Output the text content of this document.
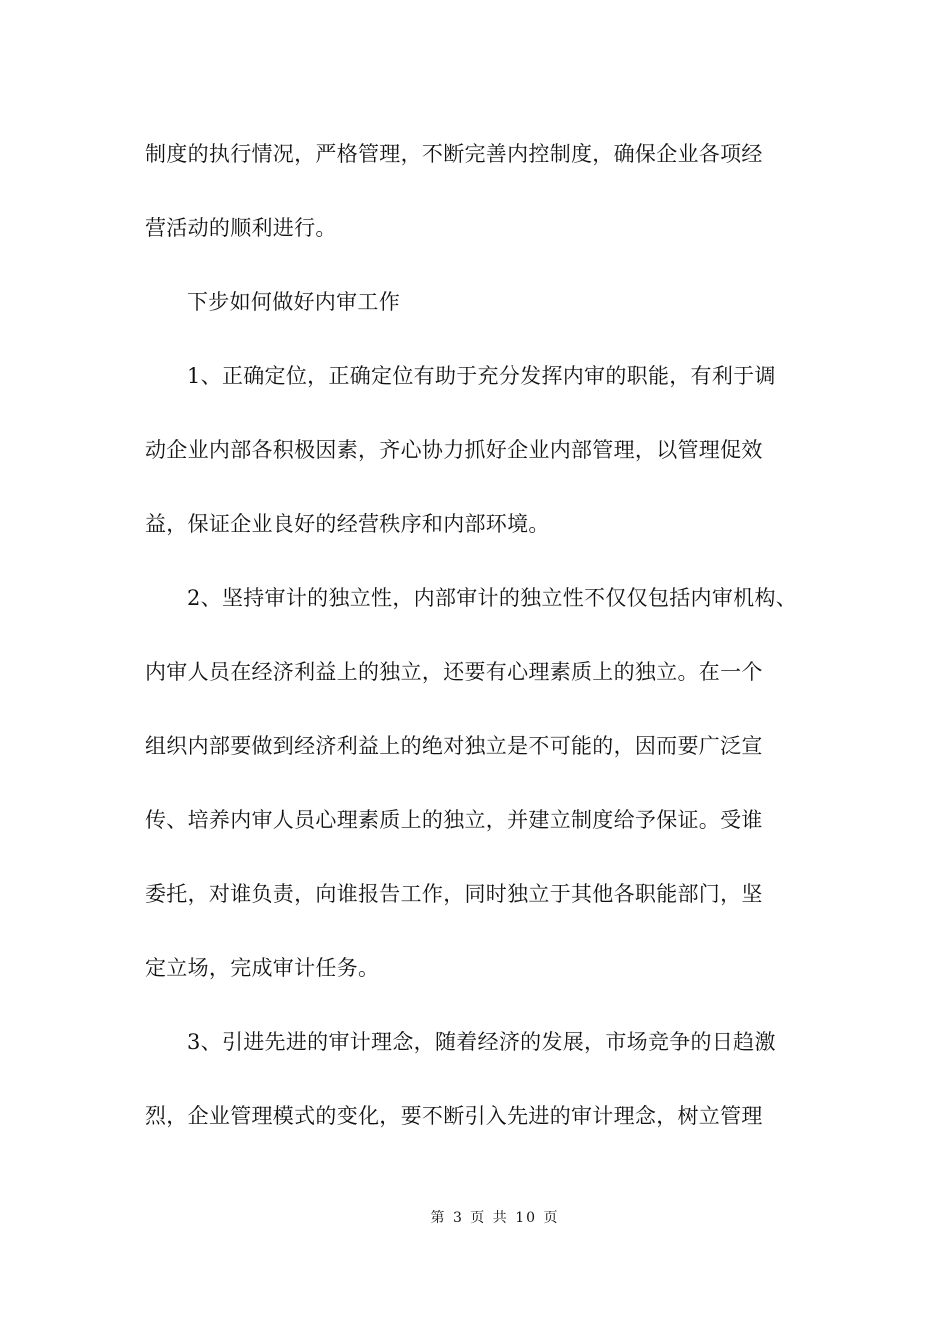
制度的执行情况，严格管理，不断完善内控制度，确保企业各项经
营活动的顺利进行。
下步如何做好内审工作
1、正确定位，正确定位有助于充分发挥内审的职能，有利于调
动企业内部各积极因素，齐心协力抓好企业内部管理，以管理促效
益，保证企业良好的经营秩序和内部环境。
2、坚持审计的独立性，内部审计的独立性不仅仅包括内审机构、
内审人员在经济利益上的独立，还要有心理素质上的独立。在一个
组织内部要做到经济利益上的绝对独立是不可能的，因而要广泛宣
传、培养内审人员心理素质上的独立，并建立制度给予保证。受谁
委托，对谁负责，向谁报告工作，同时独立于其他各职能部门，坚
定立场，完成审计任务。
3、引进先进的审计理念，随着经济的发展，市场竞争的日趋激
烈，企业管理模式的变化，要不断引入先进的审计理念，树立管理
第 3 页 共 10 页
